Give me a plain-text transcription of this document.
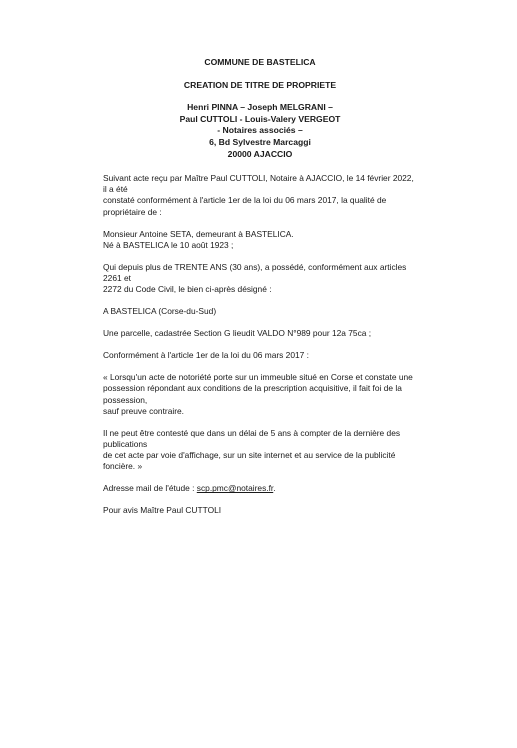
COMMUNE DE BASTELICA
CREATION DE TITRE DE PROPRIETE
Henri PINNA – Joseph MELGRANI –
Paul CUTTOLI - Louis-Valery VERGEOT
- Notaires associés –
6, Bd Sylvestre Marcaggi
20000 AJACCIO

Suivant acte reçu par Maître Paul CUTTOLI, Notaire à AJACCIO, le 14 février 2022, il a été
constaté conformément à l'article 1er de la loi du 06 mars 2017, la qualité de propriétaire de :

Monsieur Antoine SETA, demeurant à BASTELICA.
Né à BASTELICA le 10 août 1923 ;

Qui depuis plus de TRENTE ANS (30 ans), a possédé, conformément aux articles 2261 et
2272 du Code Civil, le bien ci-après désigné :

A BASTELICA (Corse-du-Sud)

Une parcelle, cadastrée Section G lieudit VALDO N°989 pour 12a 75ca ;

Conformément à l'article 1er de la loi du 06 mars 2017 :

« Lorsqu'un acte de notoriété porte sur un immeuble situé en Corse et constate une
possession répondant aux conditions de la prescription acquisitive, il fait foi de la possession,
sauf preuve contraire.

Il ne peut être contesté que dans un délai de 5 ans à compter de la dernière des publications
de cet acte par voie d'affichage, sur un site internet et au service de la publicité foncière. »

Adresse mail de l'étude : scp.pmc@notaires.fr.

Pour avis Maître Paul CUTTOLI
